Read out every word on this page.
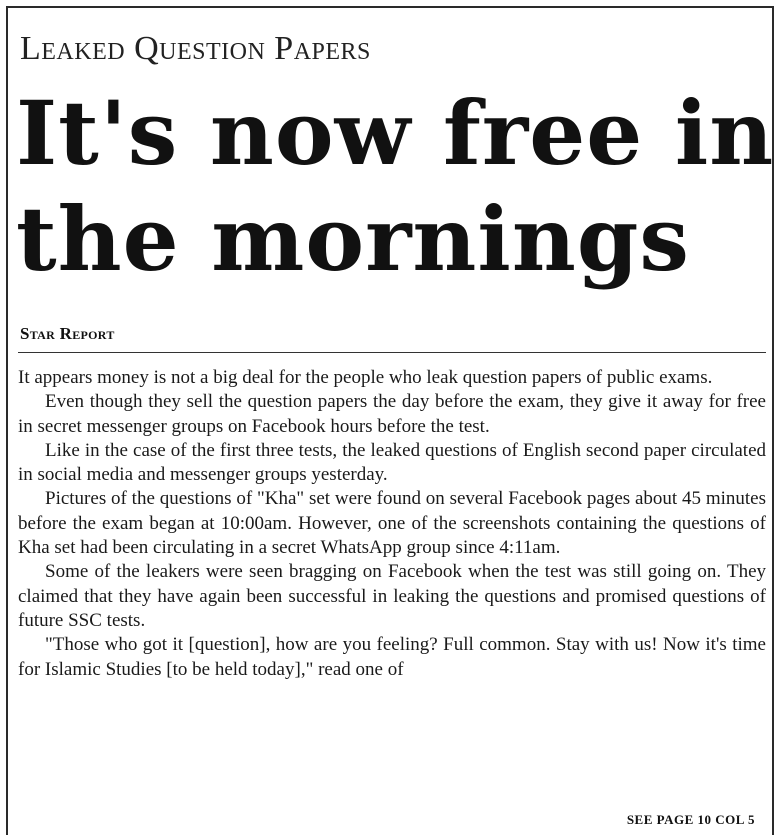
Leaked Question Papers
It's now free in
the mornings
Star Report

It appears money is not a big deal for the people who leak question papers of public exams.

Even though they sell the question papers the day before the exam, they give it away for free in secret messenger groups on Facebook hours before the test.

Like in the case of the first three tests, the leaked questions of English second paper circulated in social media and messenger groups yesterday.

Pictures of the questions of "Kha" set were found on several Facebook pages about 45 minutes before the exam began at 10:00am. However, one of the screenshots containing the questions of Kha set had been circulating in a secret WhatsApp group since 4:11am.

Some of the leakers were seen bragging on Facebook when the test was still going on. They claimed that they have again been successful in leaking the questions and promised questions of future SSC tests.

"Those who got it [question], how are you feeling? Full common. Stay with us! Now it's time for Islamic Studies [to be held today]," read one of

SEE PAGE 10 COL 5
